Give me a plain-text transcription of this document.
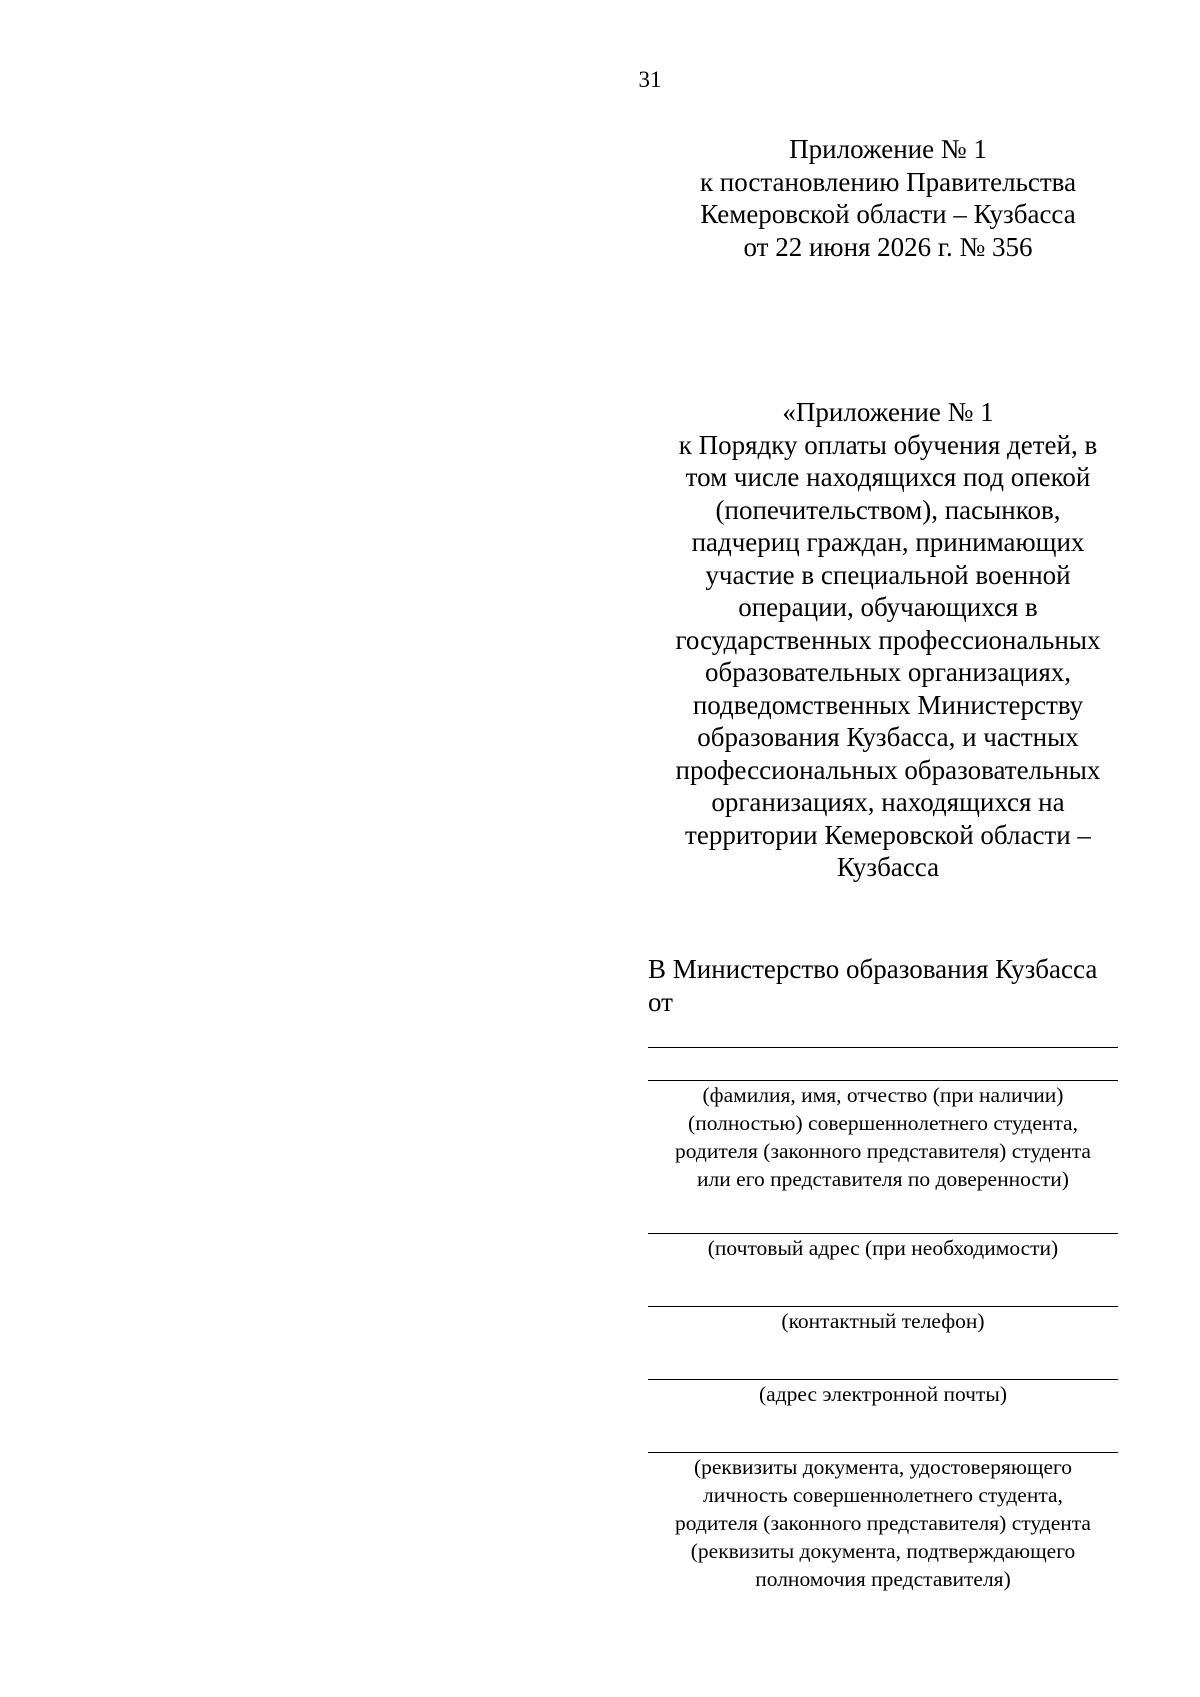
31
Приложение № 1
к постановлению Правительства
Кемеровской области – Кузбасса
от 22 июня 2026 г. № 356
«Приложение № 1
к Порядку оплаты обучения детей, в
том числе находящихся под опекой
(попечительством), пасынков,
падчериц граждан, принимающих
участие в специальной военной
операции, обучающихся в
государственных профессиональных
образовательных организациях,
подведомственных Министерству
образования Кузбасса, и частных
профессиональных образовательных
организациях, находящихся на
территории Кемеровской области –
Кузбасса
В Министерство образования Кузбасса
от
(фамилия, имя, отчество (при наличии)
(полностью) совершеннолетнего студента,
родителя (законного представителя) студента
или его представителя по доверенности)
(почтовый адрес (при необходимости)
(контактный телефон)
(адрес электронной почты)
(реквизиты документа, удостоверяющего
личность совершеннолетнего студента,
родителя (законного представителя) студента
(реквизиты документа, подтверждающего
полномочия представителя)
